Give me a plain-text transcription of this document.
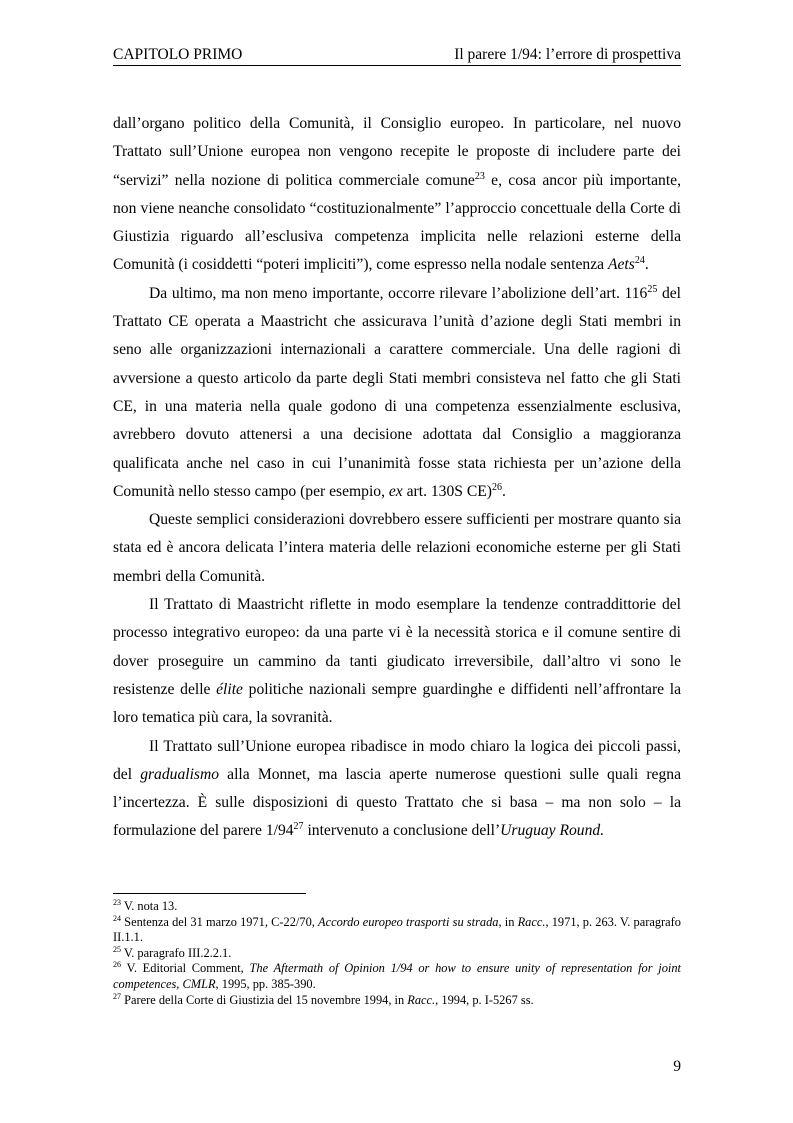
CAPITOLO PRIMO	Il parere 1/94: l’errore di prospettiva

dall’organo politico della Comunità, il Consiglio europeo. In particolare, nel nuovo Trattato sull’Unione europea non vengono recepite le proposte di includere parte dei “servizi” nella nozione di politica commerciale comune$^{23}$ e, cosa ancor più importante, non viene neanche consolidato “costituzionalmente” l’approccio concettuale della Corte di Giustizia riguardo all’esclusiva competenza implicita nelle relazioni esterne della Comunità (i cosiddetti “poteri impliciti”), come espresso nella nodale sentenza Aets$^{24}$.

Da ultimo, ma non meno importante, occorre rilevare l’abolizione dell’art. $116^{25}$ del Trattato CE operata a Maastricht che assicurava l’unità d’azione degli Stati membri in seno alle organizzazioni internazionali a carattere commerciale. Una delle ragioni di avversione a questo articolo da parte degli Stati membri consisteva nel fatto che gli Stati CE, in una materia nella quale godono di una competenza essenzialmente esclusiva, avrebbero dovuto attenersi a una decisione adottata dal Consiglio a maggioranza qualificata anche nel caso in cui l’unanimità fosse stata richiesta per un’azione della Comunità nello stesso campo (per esempio, ex art. 130S CE)$^{26}$.

Queste semplici considerazioni dovrebbero essere sufficienti per mostrare quanto sia stata ed è ancora delicata l’intera materia delle relazioni economiche esterne per gli Stati membri della Comunità.

Il Trattato di Maastricht riflette in modo esemplare la tendenze contraddittorie del processo integrativo europeo: da una parte vi è la necessità storica e il comune sentire di dover proseguire un cammino da tanti giudicato irreversibile, dall’altro vi sono le resistenze delle élite politiche nazionali sempre guardinghe e diffidenti nell’affrontare la loro tematica più cara, la sovranità.

Il Trattato sull’Unione europea ribadisce in modo chiaro la logica dei piccoli passi, del gradualismo alla Monnet, ma lascia aperte numerose questioni sulle quali regna l’incertezza. È sulle disposizioni di questo Trattato che si basa – ma non solo – la formulazione del parere $1/94^{27}$ intervenuto a conclusione dell’Uruguay Round.

$^{23}$ V. nota 13.

$^{24}$ Sentenza del 31 marzo 1971, C-22/70, Accordo europeo trasporti su strada, in Racc., 1971, p. 263. V. paragrafo II.1.1.

$^{25}$ V. paragrafo III.2.2.1.

$^{26}$ V. Editorial Comment, The Aftermath of Opinion 1/94 or how to ensure unity of representation for joint competences, CMLR, 1995, pp. 385-390.

$^{27}$ Parere della Corte di Giustizia del 15 novembre 1994, in Racc., 1994, p. I-5267 ss.

9
